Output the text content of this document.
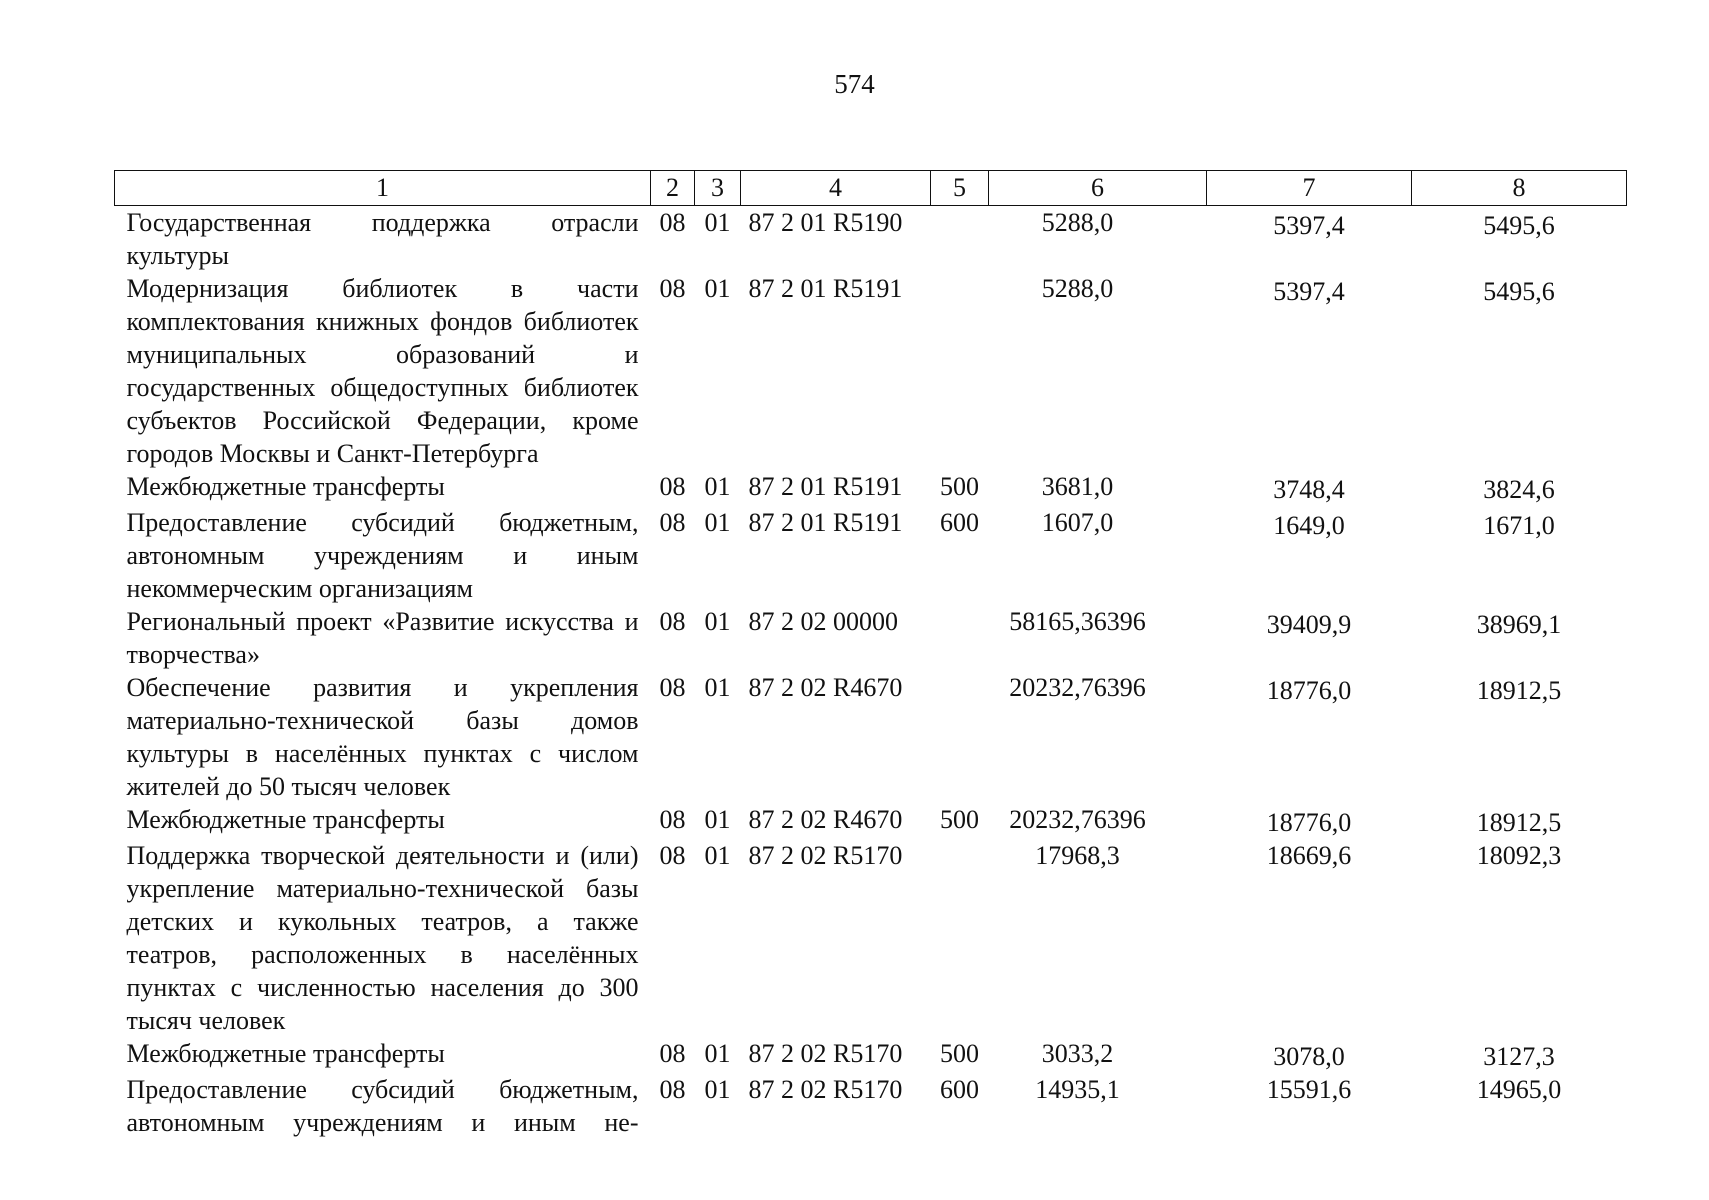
574
1	2	3	4	5	6	7	8
Государственная поддержка отрасли культуры	08	01	87 2 01 R5190		5288,0	5397,4	5495,6
Модернизация библиотек в части комплектования книжных фондов библиотек муниципальных образований и государственных общедоступных библиотек субъектов Российской Федерации, кроме городов Москвы и Санкт-Петербурга	08	01	87 2 01 R5191		5288,0	5397,4	5495,6
Межбюджетные трансферты	08	01	87 2 01 R5191	500	3681,0	3748,4	3824,6
Предоставление субсидий бюджетным, автономным учреждениям и иным некоммерческим организациям	08	01	87 2 01 R5191	600	1607,0	1649,0	1671,0
Региональный проект «Развитие искусства и творчества»	08	01	87 2 02 00000		58165,36396	39409,9	38969,1
Обеспечение развития и укрепления материально-технической базы домов культуры в населённых пунктах с числом жителей до 50 тысяч человек	08	01	87 2 02 R4670		20232,76396	18776,0	18912,5
Межбюджетные трансферты	08	01	87 2 02 R4670	500	20232,76396	18776,0	18912,5
Поддержка творческой деятельности и (или) укрепление материально-технической базы детских и кукольных театров, а также театров, расположенных в населённых пунктах с численностью населения до 300 тысяч человек	08	01	87 2 02 R5170		17968,3	18669,6	18092,3
Межбюджетные трансферты	08	01	87 2 02 R5170	500	3033,2	3078,0	3127,3
Предоставление субсидий бюджетным, автономным учреждениям и иным не-	08	01	87 2 02 R5170	600	14935,1	15591,6	14965,0
